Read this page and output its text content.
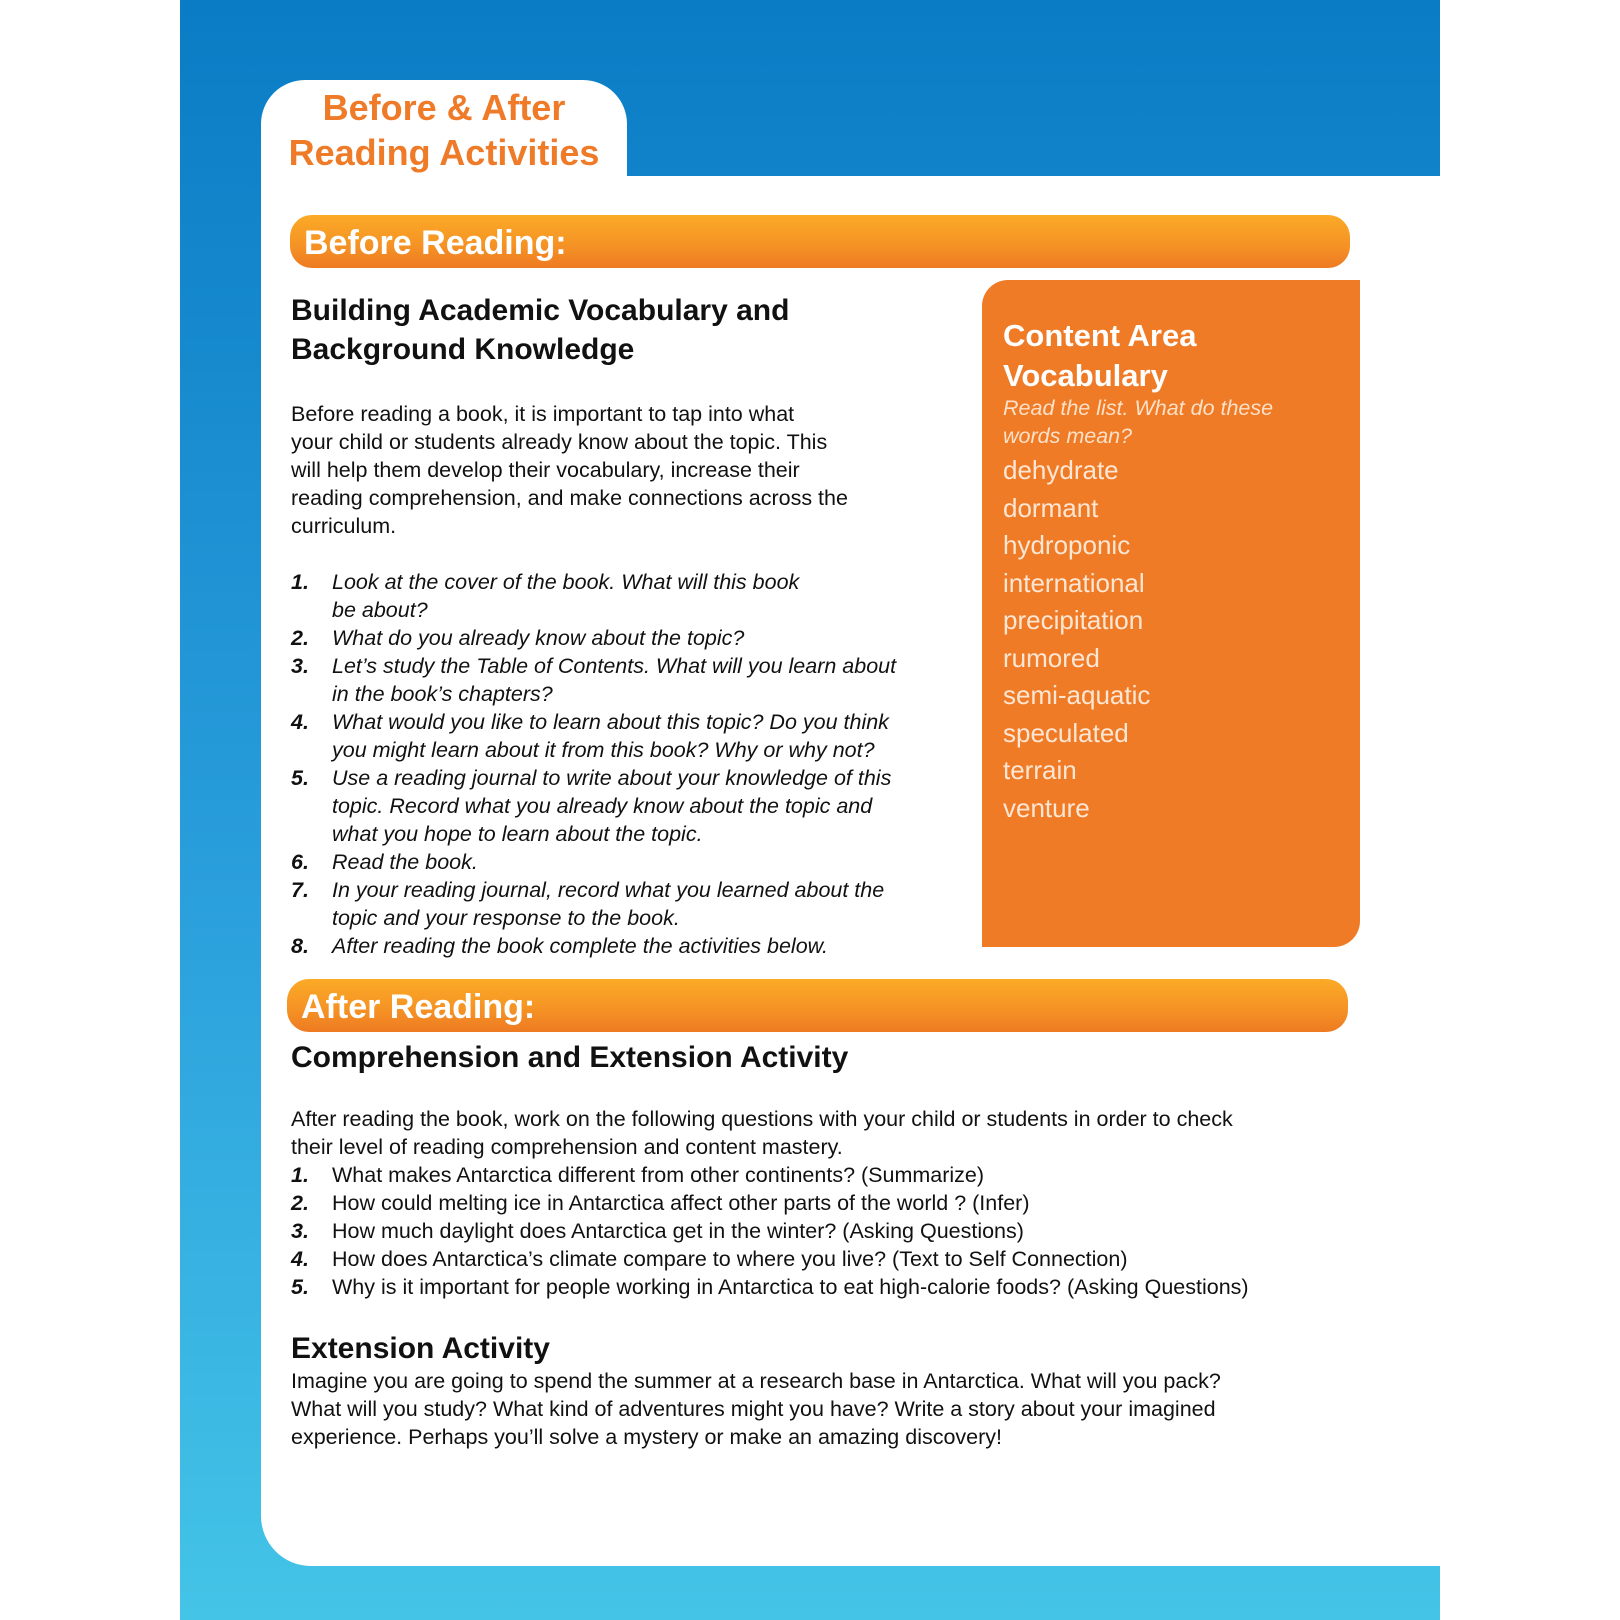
Before & After
Reading Activities
Before Reading:
Building Academic Vocabulary and
Background Knowledge
Before reading a book, it is important to tap into what
your child or students already know about the topic. This
will help them develop their vocabulary, increase their
reading comprehension, and make connections across the
curriculum.
1. Look at the cover of the book. What will this book
be about?
2. What do you already know about the topic?
3. Let’s study the Table of Contents. What will you learn about
in the book’s chapters?
4. What would you like to learn about this topic? Do you think
you might learn about it from this book? Why or why not?
5. Use a reading journal to write about your knowledge of this
topic. Record what you already know about the topic and
what you hope to learn about the topic.
6. Read the book.
7. In your reading journal, record what you learned about the
topic and your response to the book.
8. After reading the book complete the activities below.
Content Area
Vocabulary
Read the list. What do these
words mean?
dehydrate
dormant
hydroponic
international
precipitation
rumored
semi-aquatic
speculated
terrain
venture
After Reading:
Comprehension and Extension Activity
After reading the book, work on the following questions with your child or students in order to check
their level of reading comprehension and content mastery.
1. What makes Antarctica different from other continents? (Summarize)
2. How could melting ice in Antarctica affect other parts of the world ? (Infer)
3. How much daylight does Antarctica get in the winter? (Asking Questions)
4. How does Antarctica’s climate compare to where you live? (Text to Self Connection)
5. Why is it important for people working in Antarctica to eat high-calorie foods? (Asking Questions)
Extension Activity
Imagine you are going to spend the summer at a research base in Antarctica. What will you pack?
What will you study? What kind of adventures might you have? Write a story about your imagined
experience. Perhaps you’ll solve a mystery or make an amazing discovery!
